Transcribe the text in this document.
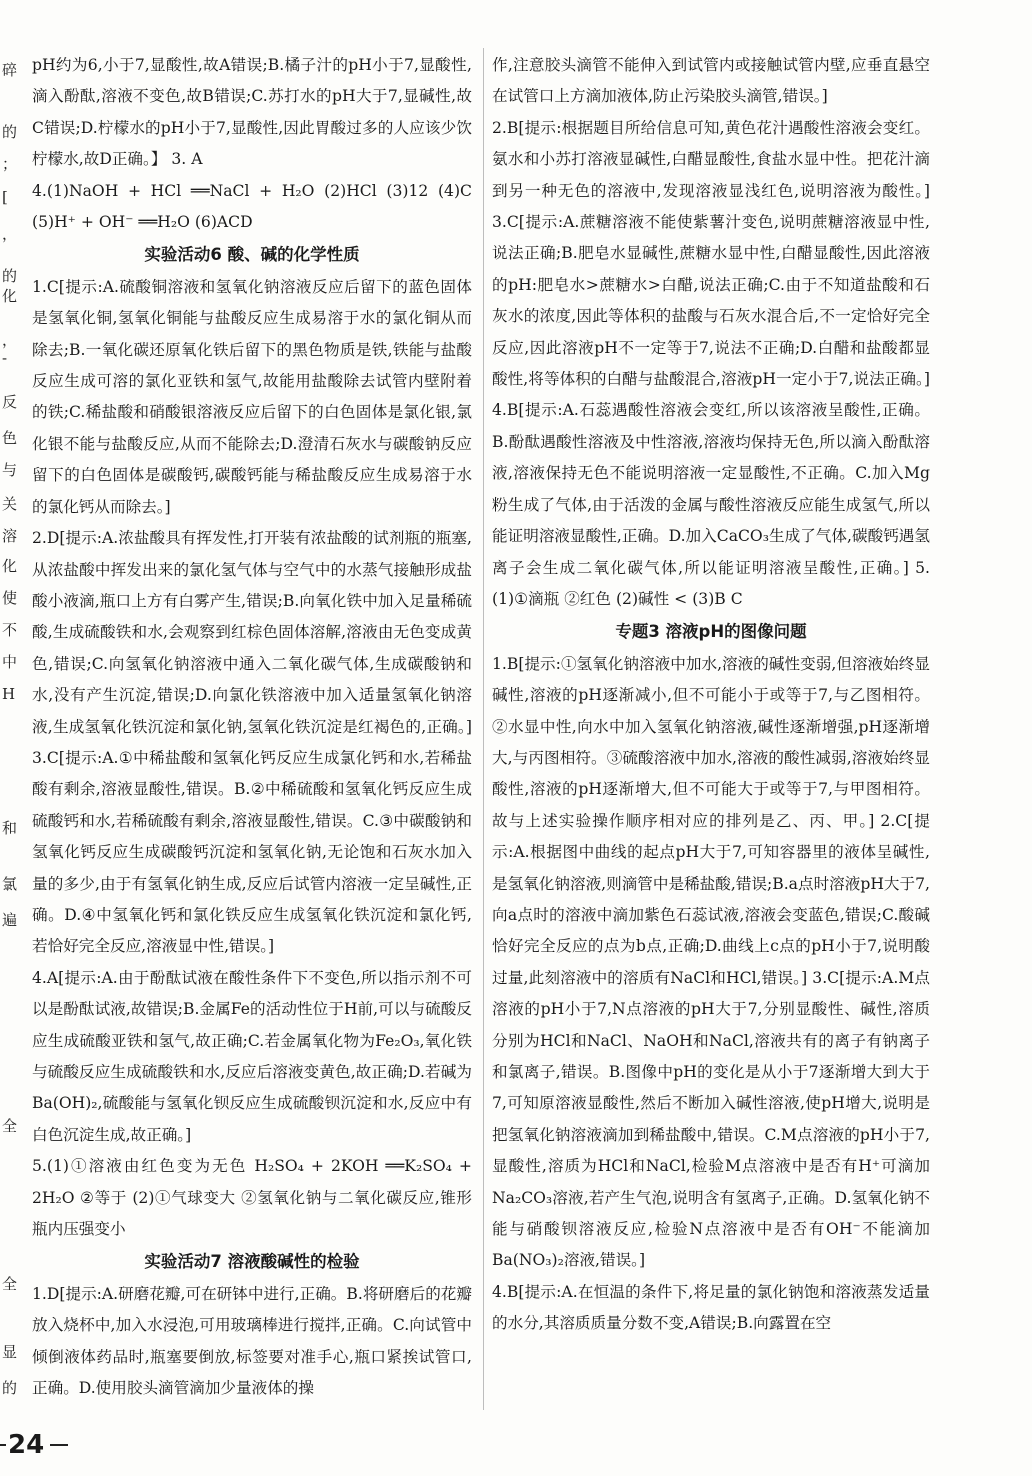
碎
的
；
[
，
的
化
，
-
反
色
与
关
溶
化
使
不
中
H
和
氯
遍
全
全
显
的

pH约为6,小于7,显酸性,故A错误;B.橘子汁的pH小于7,显酸性,滴入酚酞,溶液不变色,故B错误;C.苏打水的pH大于7,显碱性,故C错误;D.柠檬水的pH小于7,显酸性,因此胃酸过多的人应该少饮柠檬水,故D正确。】 3. A

4.(1)NaOH + HCl ══NaCl + H₂O (2)HCl (3)12 (4)C (5)H⁺ + OH⁻ ══H₂O (6)ACD

实验活动6 酸、碱的化学性质

1.C[提示:A.硫酸铜溶液和氢氧化钠溶液反应后留下的蓝色固体是氢氧化铜,氢氧化铜能与盐酸反应生成易溶于水的氯化铜从而除去;B.一氧化碳还原氧化铁后留下的黑色物质是铁,铁能与盐酸反应生成可溶的氯化亚铁和氢气,故能用盐酸除去试管内壁附着的铁;C.稀盐酸和硝酸银溶液反应后留下的白色固体是氯化银,氯化银不能与盐酸反应,从而不能除去;D.澄清石灰水与碳酸钠反应留下的白色固体是碳酸钙,碳酸钙能与稀盐酸反应生成易溶于水的氯化钙从而除去。]

2.D[提示:A.浓盐酸具有挥发性,打开装有浓盐酸的试剂瓶的瓶塞,从浓盐酸中挥发出来的氯化氢气体与空气中的水蒸气接触形成盐酸小液滴,瓶口上方有白雾产生,错误;B.向氧化铁中加入足量稀硫酸,生成硫酸铁和水,会观察到红棕色固体溶解,溶液由无色变成黄色,错误;C.向氢氧化钠溶液中通入二氧化碳气体,生成碳酸钠和水,没有产生沉淀,错误;D.向氯化铁溶液中加入适量氢氧化钠溶液,生成氢氧化铁沉淀和氯化钠,氢氧化铁沉淀是红褐色的,正确。] 3.C[提示:A.①中稀盐酸和氢氧化钙反应生成氯化钙和水,若稀盐酸有剩余,溶液显酸性,错误。B.②中稀硫酸和氢氧化钙反应生成硫酸钙和水,若稀硫酸有剩余,溶液显酸性,错误。C.③中碳酸钠和氢氧化钙反应生成碳酸钙沉淀和氢氧化钠,无论饱和石灰水加入量的多少,由于有氢氧化钠生成,反应后试管内溶液一定呈碱性,正确。D.④中氢氧化钙和氯化铁反应生成氢氧化铁沉淀和氯化钙,若恰好完全反应,溶液显中性,错误。]

4.A[提示:A.由于酚酞试液在酸性条件下不变色,所以指示剂不可以是酚酞试液,故错误;B.金属Fe的活动性位于H前,可以与硫酸反应生成硫酸亚铁和氢气,故正确;C.若金属氧化物为Fe₂O₃,氧化铁与硫酸反应生成硫酸铁和水,反应后溶液变黄色,故正确;D.若碱为Ba(OH)₂,硫酸能与氢氧化钡反应生成硫酸钡沉淀和水,反应中有白色沉淀生成,故正确。]

5.(1)①溶液由红色变为无色 H₂SO₄ + 2KOH ══K₂SO₄ + 2H₂O ②等于 (2)①气球变大 ②氢氧化钠与二氧化碳反应,锥形瓶内压强变小

实验活动7 溶液酸碱性的检验

1.D[提示:A.研磨花瓣,可在研钵中进行,正确。B.将研磨后的花瓣放入烧杯中,加入水浸泡,可用玻璃棒进行搅拌,正确。C.向试管中倾倒液体药品时,瓶塞要倒放,标签要对准手心,瓶口紧挨试管口,正确。D.使用胶头滴管滴加少量液体的操

作,注意胶头滴管不能伸入到试管内或接触试管内壁,应垂直悬空在试管口上方滴加液体,防止污染胶头滴管,错误。]

2.B[提示:根据题目所给信息可知,黄色花汁遇酸性溶液会变红。氨水和小苏打溶液显碱性,白醋显酸性,食盐水显中性。把花汁滴到另一种无色的溶液中,发现溶液显浅红色,说明溶液为酸性。] 3.C[提示:A.蔗糖溶液不能使紫薯汁变色,说明蔗糖溶液显中性,说法正确;B.肥皂水显碱性,蔗糖水显中性,白醋显酸性,因此溶液的pH:肥皂水>蔗糖水>白醋,说法正确;C.由于不知道盐酸和石灰水的浓度,因此等体积的盐酸与石灰水混合后,不一定恰好完全反应,因此溶液pH不一定等于7,说法不正确;D.白醋和盐酸都显酸性,将等体积的白醋与盐酸混合,溶液pH一定小于7,说法正确。] 4.B[提示:A.石蕊遇酸性溶液会变红,所以该溶液呈酸性,正确。B.酚酞遇酸性溶液及中性溶液,溶液均保持无色,所以滴入酚酞溶液,溶液保持无色不能说明溶液一定显酸性,不正确。C.加入Mg粉生成了气体,由于活泼的金属与酸性溶液反应能生成氢气,所以能证明溶液显酸性,正确。D.加入CaCO₃生成了气体,碳酸钙遇氢离子会生成二氧化碳气体,所以能证明溶液呈酸性,正确。] 5.(1)①滴瓶 ②红色 (2)碱性 < (3)B C

专题3 溶液pH的图像问题

1.B[提示:①氢氧化钠溶液中加水,溶液的碱性变弱,但溶液始终显碱性,溶液的pH逐渐减小,但不可能小于或等于7,与乙图相符。②水显中性,向水中加入氢氧化钠溶液,碱性逐渐增强,pH逐渐增大,与丙图相符。③硫酸溶液中加水,溶液的酸性减弱,溶液始终显酸性,溶液的pH逐渐增大,但不可能大于或等于7,与甲图相符。故与上述实验操作顺序相对应的排列是乙、丙、甲。] 2.C[提示:A.根据图中曲线的起点pH大于7,可知容器里的液体呈碱性,是氢氧化钠溶液,则滴管中是稀盐酸,错误;B.a点时溶液pH大于7,向a点时的溶液中滴加紫色石蕊试液,溶液会变蓝色,错误;C.酸碱恰好完全反应的点为b点,正确;D.曲线上c点的pH小于7,说明酸过量,此刻溶液中的溶质有NaCl和HCl,错误。] 3.C[提示:A.M点溶液的pH小于7,N点溶液的pH大于7,分别显酸性、碱性,溶质分别为HCl和NaCl、NaOH和NaCl,溶液共有的离子有钠离子和氯离子,错误。B.图像中pH的变化是从小于7逐渐增大到大于7,可知原溶液显酸性,然后不断加入碱性溶液,使pH增大,说明是把氢氧化钠溶液滴加到稀盐酸中,错误。C.M点溶液的pH小于7,显酸性,溶质为HCl和NaCl,检验M点溶液中是否有H⁺可滴加Na₂CO₃溶液,若产生气泡,说明含有氢离子,正确。D.氢氧化钠不能与硝酸钡溶液反应,检验N点溶液中是否有OH⁻不能滴加Ba(NO₃)₂溶液,错误。]

4.B[提示:A.在恒温的条件下,将足量的氯化钠饱和溶液蒸发适量的水分,其溶质质量分数不变,A错误;B.向露置在空

24
